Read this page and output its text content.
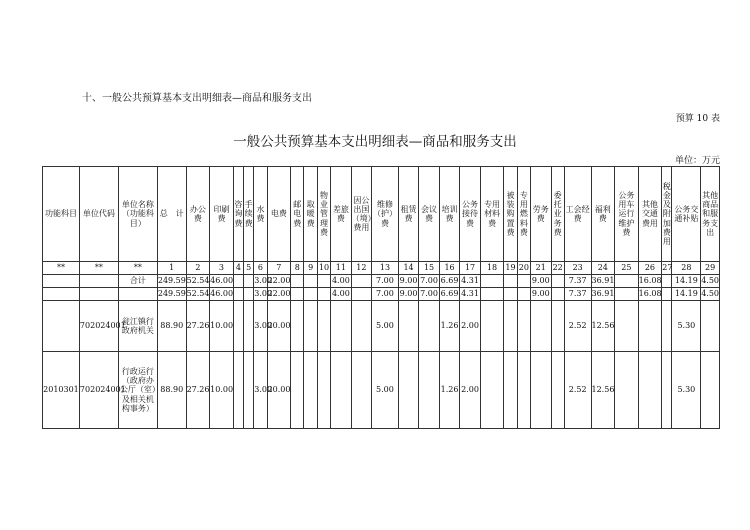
十、一般公共预算基本支出明细表—商品和服务支出
预算 10 表
一般公共预算基本支出明细表—商品和服务支出
单位：万元
功能科目	单位代码	单位名称（功能科目）	总　计	办公费	印刷费	咨询费	手续费	水费	电费	邮电费	取暖费	物业管理费	差旅费	因公出国（境）费用	维修（护）费	租赁费	会议费	培训费	公务接待费	专用材料费	被装购置费	专用燃料费	劳务费	委托业务费	工会经费	福利费	公务用车运行维护费	其他交通费用	税金及附加费用	公务交通补贴	其他商品和服务支出
**	**	**	1	2	3	4	5	6	7	8	9	10	11	12	13	14	15	16	17	18	19	20	21	22	23	24	25	26	27	28	29
		合计	249.59	52.54	46.00			3.00	22.00				4.00		7.00	9.00	7.00	6.69	4.31				9.00		7.37	36.91		16.08		14.19	4.50
			249.59	52.54	46.00			3.00	22.00				4.00		7.00	9.00	7.00	6.69	4.31				9.00		7.37	36.91		16.08		14.19	4.50
	702024001	瓮江镇行政府机关	88.90	27.26	10.00			3.00	20.00						5.00			1.26	2.00						2.52	12.56				5.30	
2010301	702024001	行政运行（政府办公厅（室）及相关机构事务）	88.90	27.26	10.00			3.00	20.00						5.00			1.26	2.00						2.52	12.56				5.30	
